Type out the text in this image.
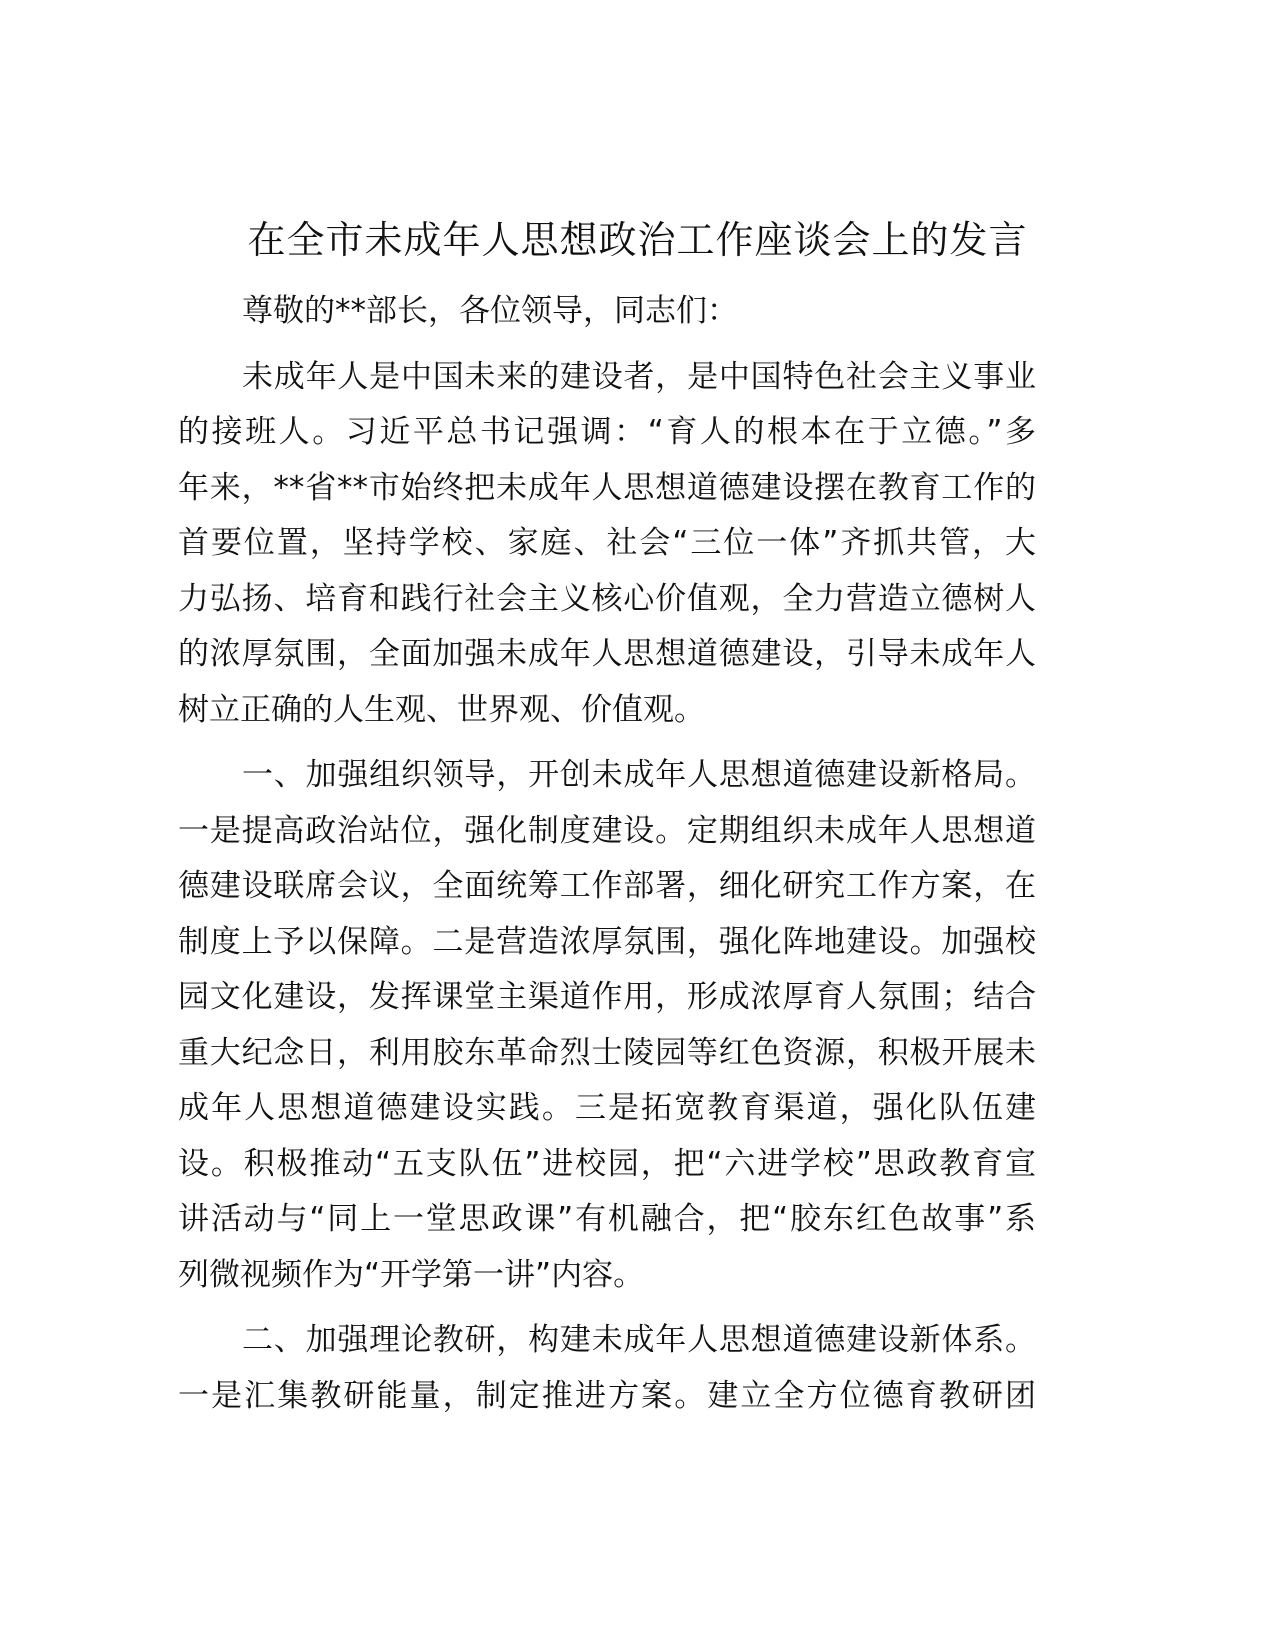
在全市未成年人思想政治工作座谈会上的发言
尊敬的**部长，各位领导，同志们：
未成年人是中国未来的建设者，是中国特色社会主义事业
的接班人。习近平总书记强调：“育人的根本在于立德。”多
年来，**省**市始终把未成年人思想道德建设摆在教育工作的
首要位置，坚持学校、家庭、社会“三位一体”齐抓共管，大
力弘扬、培育和践行社会主义核心价值观，全力营造立德树人
的浓厚氛围，全面加强未成年人思想道德建设，引导未成年人
树立正确的人生观、世界观、价值观。
一、加强组织领导，开创未成年人思想道德建设新格局。
一是提高政治站位，强化制度建设。定期组织未成年人思想道
德建设联席会议，全面统筹工作部署，细化研究工作方案，在
制度上予以保障。二是营造浓厚氛围，强化阵地建设。加强校
园文化建设，发挥课堂主渠道作用，形成浓厚育人氛围；结合
重大纪念日，利用胶东革命烈士陵园等红色资源，积极开展未
成年人思想道德建设实践。三是拓宽教育渠道，强化队伍建
设。积极推动“五支队伍”进校园，把“六进学校”思政教育宣
讲活动与“同上一堂思政课”有机融合，把“胶东红色故事”系
列微视频作为“开学第一讲”内容。
二、加强理论教研，构建未成年人思想道德建设新体系。
一是汇集教研能量，制定推进方案。建立全方位德育教研团
